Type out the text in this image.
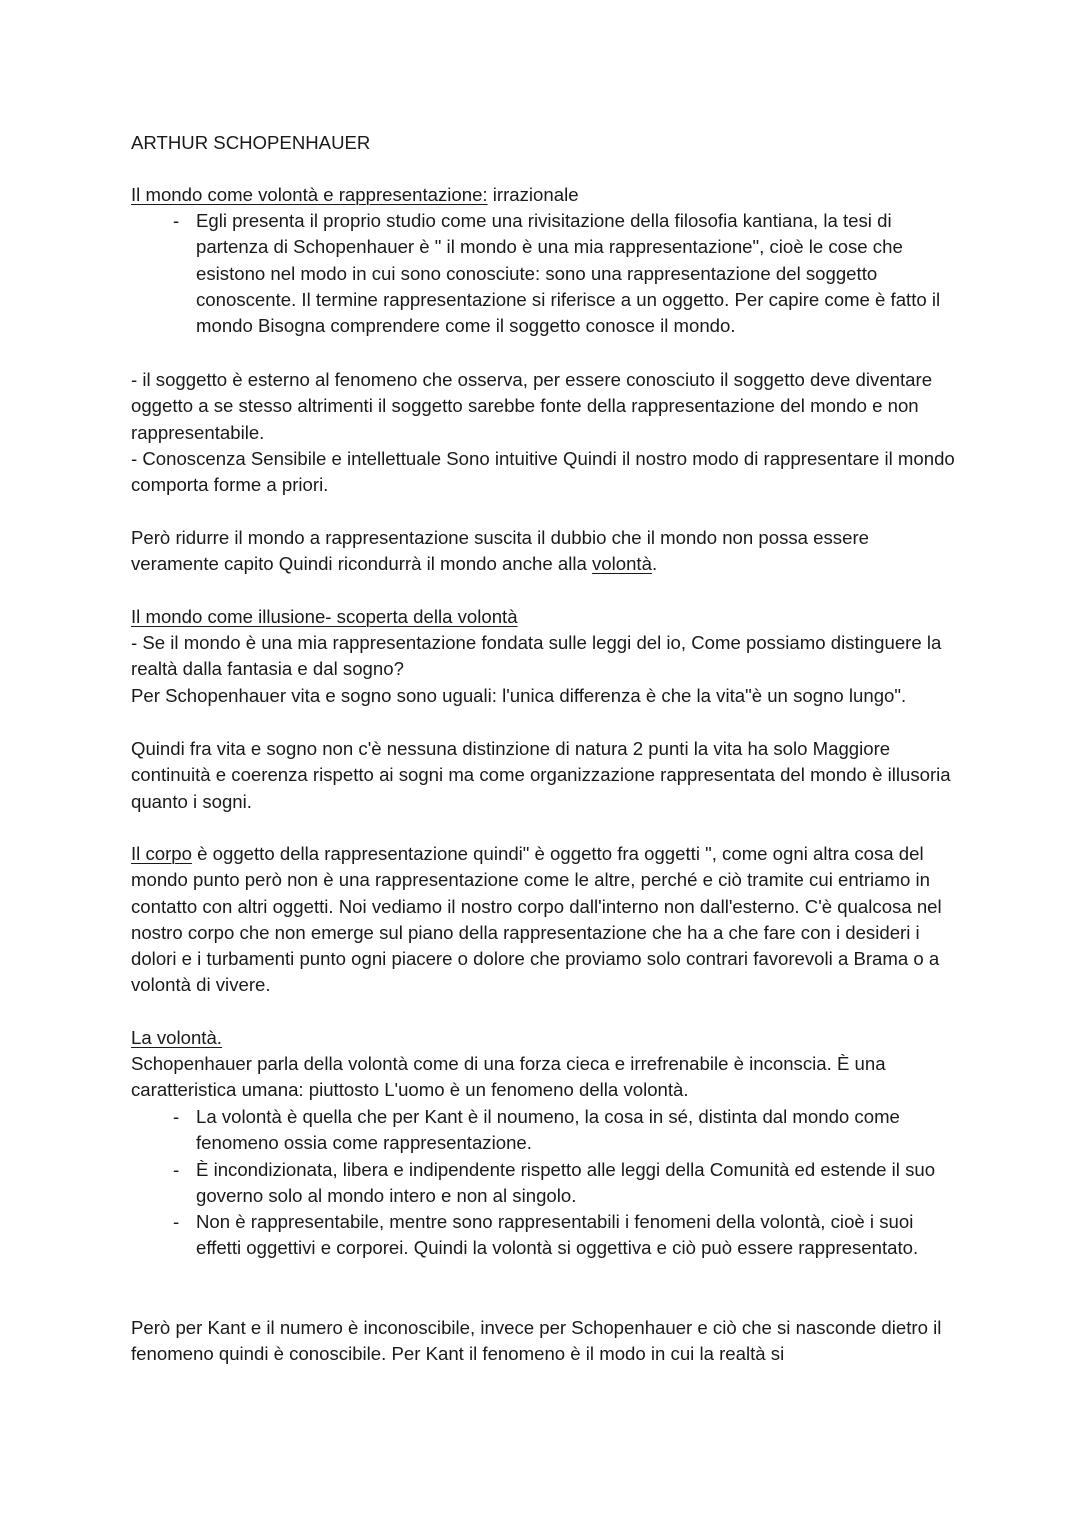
ARTHUR SCHOPENHAUER

Il mondo come volontà e rappresentazione: irrazionale

- Egli presenta il proprio studio come una rivisitazione della filosofia kantiana, la tesi di partenza di Schopenhauer è " il mondo è una mia rappresentazione", cioè le cose che esistono nel modo in cui sono conosciute: sono una rappresentazione del soggetto conoscente. Il termine rappresentazione si riferisce a un oggetto. Per capire come è fatto il mondo Bisogna comprendere come il soggetto conosce il mondo.

- il soggetto è esterno al fenomeno che osserva, per essere conosciuto il soggetto deve diventare oggetto a se stesso altrimenti il soggetto sarebbe fonte della rappresentazione del mondo e non rappresentabile.

- Conoscenza Sensibile e intellettuale Sono intuitive Quindi il nostro modo di rappresentare il mondo comporta forme a priori.

Però ridurre il mondo a rappresentazione suscita il dubbio che il mondo non possa essere veramente capito Quindi ricondurrà il mondo anche alla volontà.

Il mondo come illusione- scoperta della volontà

- Se il mondo è una mia rappresentazione fondata sulle leggi del io, Come possiamo distinguere la realtà dalla fantasia e dal sogno?

Per Schopenhauer vita e sogno sono uguali: l'unica differenza è che la vita"è un sogno lungo".

Quindi fra vita e sogno non c'è nessuna distinzione di natura 2 punti la vita ha solo Maggiore continuità e coerenza rispetto ai sogni ma come organizzazione rappresentata del mondo è illusoria quanto i sogni.

Il corpo è oggetto della rappresentazione quindi" è oggetto fra oggetti ", come ogni altra cosa del mondo punto però non è una rappresentazione come le altre, perché e ciò tramite cui entriamo in contatto con altri oggetti. Noi vediamo il nostro corpo dall'interno non dall'esterno. C'è qualcosa nel nostro corpo che non emerge sul piano della rappresentazione che ha a che fare con i desideri i dolori e i turbamenti punto ogni piacere o dolore che proviamo solo contrari favorevoli a Brama o a volontà di vivere.

La volontà.

Schopenhauer parla della volontà come di una forza cieca e irrefrenabile è inconscia. È una caratteristica umana: piuttosto L'uomo è un fenomeno della volontà.

- La volontà è quella che per Kant è il noumeno, la cosa in sé, distinta dal mondo come fenomeno ossia come rappresentazione.
- È incondizionata, libera e indipendente rispetto alle leggi della Comunità ed estende il suo governo solo al mondo intero e non al singolo.
- Non è rappresentabile, mentre sono rappresentabili i fenomeni della volontà, cioè i suoi effetti oggettivi e corporei. Quindi la volontà si oggettiva e ciò può essere rappresentato.

Però per Kant e il numero è inconoscibile, invece per Schopenhauer e ciò che si nasconde dietro il fenomeno quindi è conoscibile. Per Kant il fenomeno è il modo in cui la realtà si
